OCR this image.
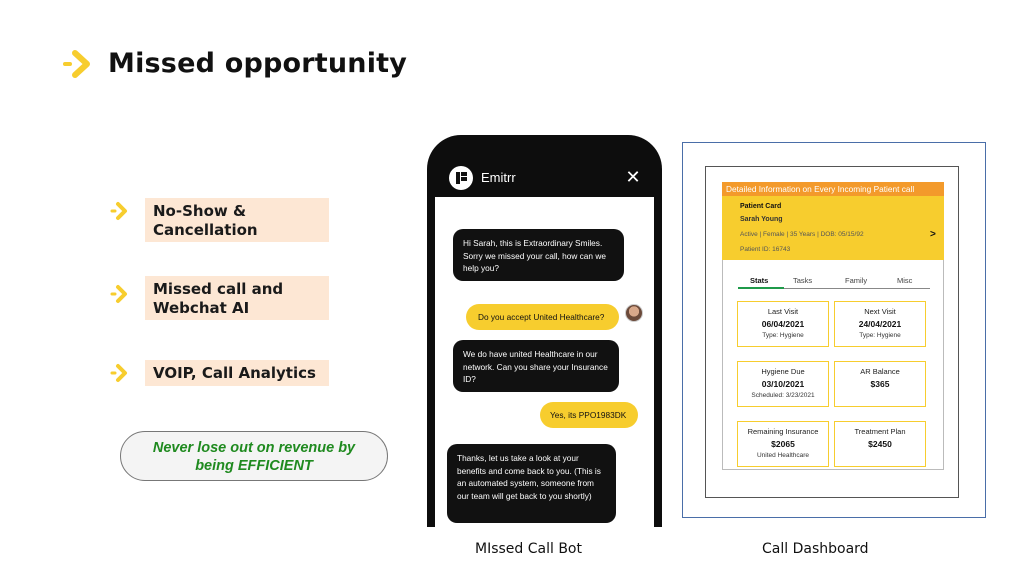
Missed opportunity
No-Show &
Cancellation
Missed call and
Webchat AI
VOIP, Call Analytics
Never lose out on revenue by
being EFFICIENT
Emitrr	✕
Hi Sarah, this is Extraordinary Smiles. Sorry we missed your call, how can we help you?
Do you accept United Healthcare?
We do have united Healthcare in our network. Can you share your Insurance ID?
Yes, its PPO1983DK
Thanks, let us take a look at your benefits and come back to you. (This is an automated system, someone from our team will get back to you shortly)
MIssed Call Bot
Detailed Information on Every Incoming Patient call
Patient Card
Sarah Young
Active | Female | 35 Years | DOB: 05/15/92
Patient ID: 16743
>
Stats	Tasks	Family	Misc
Last Visit
06/04/2021
Type: Hygiene
Next Visit
24/04/2021
Type: Hygiene
Hygiene Due
03/10/2021
Scheduled: 3/23/2021
AR Balance
$365
Remaining Insurance
$2065
United Healthcare
Treatment Plan
$2450
Call Dashboard
